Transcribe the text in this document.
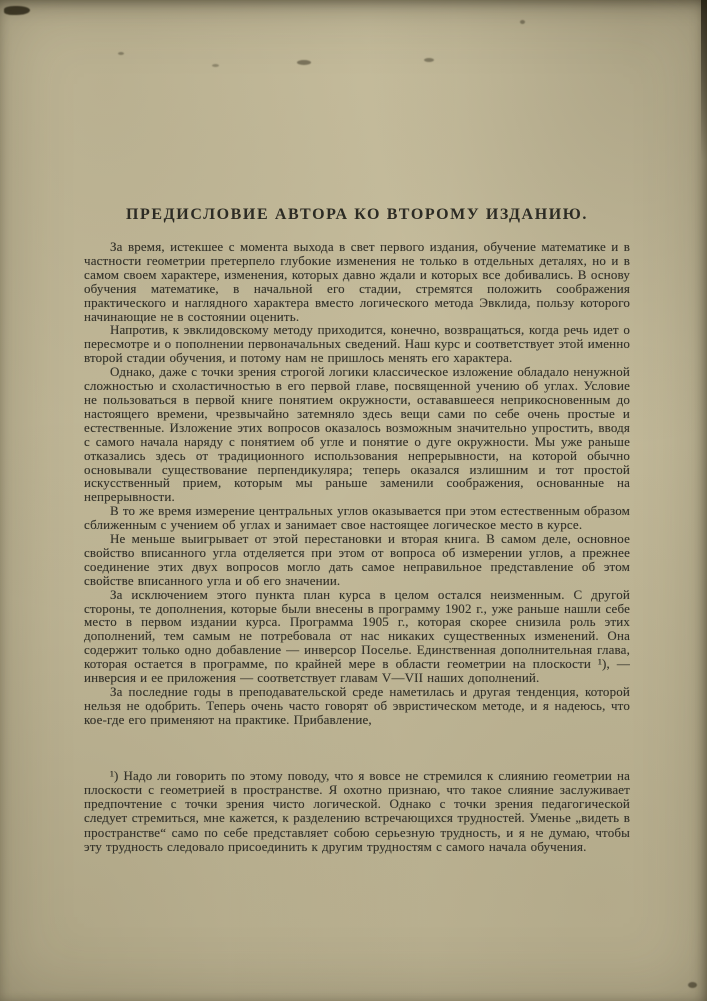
ПРЕДИСЛОВИЕ АВТОРА КО ВТОРОМУ ИЗДАНИЮ.

За время, истекшее с момента выхода в свет первого издания, обучение математике и в частности геометрии претерпело глубокие изменения не только в отдельных деталях, но и в самом своем характере, изменения, которых давно ждали и которых все добивались. В основу обучения математике, в начальной его стадии, стремятся положить соображения практического и наглядного характера вместо логического метода Эвклида, пользу которого начинающие не в состоянии оценить.

Напротив, к эвклидовскому методу приходится, конечно, возвращаться, когда речь идет о пересмотре и о пополнении первоначальных сведений. Наш курс и соответствует этой именно второй стадии обучения, и потому нам не пришлось менять его характера.

Однако, даже с точки зрения строгой логики классическое изложение обладало ненужной сложностью и схоластичностью в его первой главе, посвященной учению об углах. Условие не пользоваться в первой книге понятием окружности, остававшееся неприкосновенным до настоящего времени, чрезвычайно затемняло здесь вещи сами по себе очень простые и естественные. Изложение этих вопросов оказалось возможным значительно упростить, вводя с самого начала наряду с понятием об угле и понятие о дуге окружности. Мы уже раньше отказались здесь от традиционного использования непрерывности, на которой обычно основывали существование перпендикуляра; теперь оказался излишним и тот простой искусственный прием, которым мы раньше заменили соображения, основанные на непрерывности.

В то же время измерение центральных углов оказывается при этом естественным образом сближенным с учением об углах и занимает свое настоящее логическое место в курсе.

Не меньше выигрывает от этой перестановки и вторая книга. В самом деле, основное свойство вписанного угла отделяется при этом от вопроса об измерении углов, а прежнее соединение этих двух вопросов могло дать самое неправильное представление об этом свойстве вписанного угла и об его значении.

За исключением этого пункта план курса в целом остался неизменным. С другой стороны, те дополнения, которые были внесены в программу 1902 г., уже раньше нашли себе место в первом издании курса. Программа 1905 г., которая скорее снизила роль этих дополнений, тем самым не потребовала от нас никаких существенных изменений. Она содержит только одно добавление — инверсор Поселье. Единственная дополнительная глава, которая остается в программе, по крайней мере в области геометрии на плоскости ¹), — инверсия и ее приложения — соответствует главам V—VII наших дополнений.

За последние годы в преподавательской среде наметилась и другая тенденция, которой нельзя не одобрить. Теперь очень часто говорят об эвристическом методе, и я надеюсь, что кое-где его применяют на практике. Прибавление,

¹) Надо ли говорить по этому поводу, что я вовсе не стремился к слиянию геометрии на плоскости с геометрией в пространстве. Я охотно признаю, что такое слияние заслуживает предпочтение с точки зрения чисто логической. Однако с точки зрения педагогической следует стремиться, мне кажется, к разделению встречающихся трудностей. Уменье „видеть в пространстве“ само по себе представляет собою серьезную трудность, и я не думаю, чтобы эту трудность следовало присоединить к другим трудностям с самого начала обучения.
